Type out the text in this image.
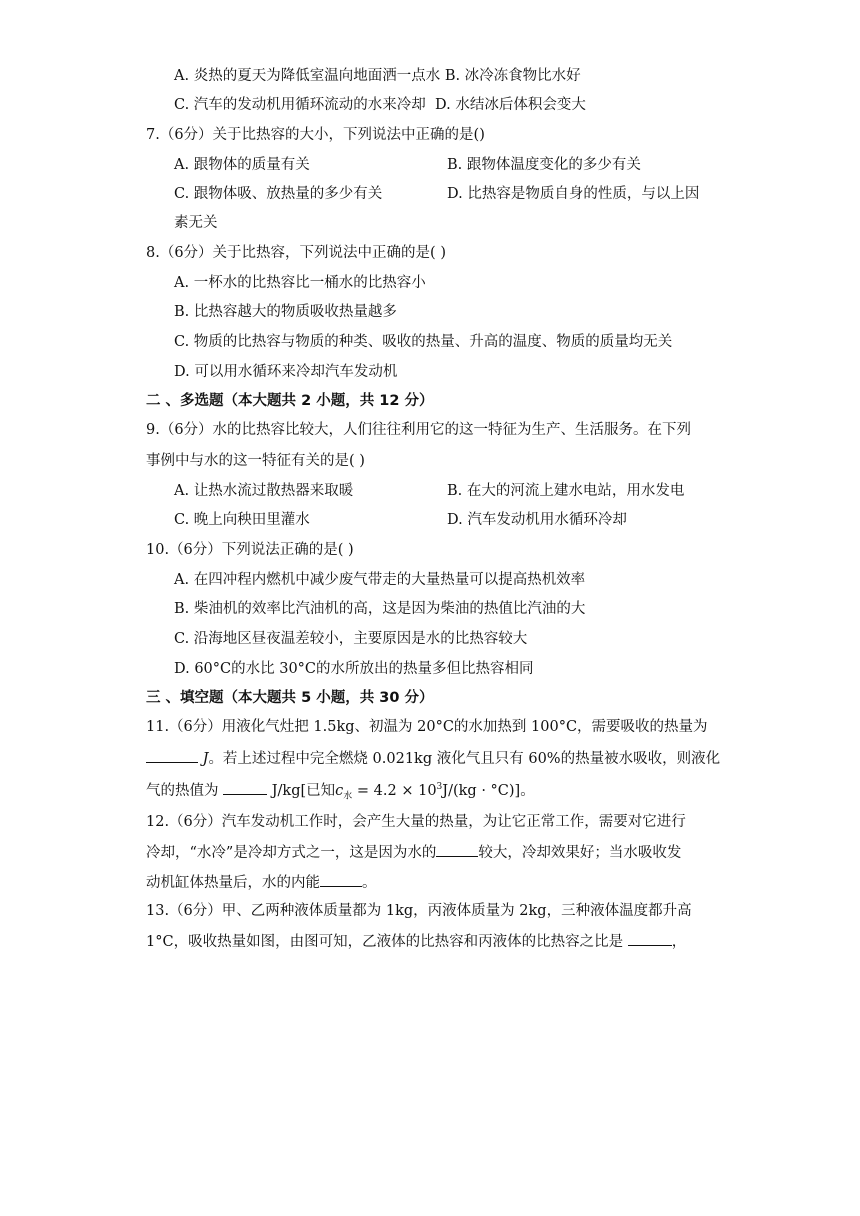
A. 炎热的夏天为降低室温向地面洒一点水 B. 冰冷冻食物比水好
C. 汽车的发动机用循环流动的水来冷却 D. 水结冰后体积会变大
7.（6分）关于比热容的大小，下列说法中正确的是()
A. 跟物体的质量有关	B. 跟物体温度变化的多少有关
C. 跟物体吸、放热量的多少有关	D. 比热容是物质自身的性质，与以上因
素无关
8.（6分）关于比热容，下列说法中正确的是( )
A. 一杯水的比热容比一桶水的比热容小
B. 比热容越大的物质吸收热量越多
C. 物质的比热容与物质的种类、吸收的热量、升高的温度、物质的质量均无关
D. 可以用水循环来冷却汽车发动机
二 、多选题（本大题共 2 小题，共 12 分）
9.（6分）水的比热容比较大，人们往往利用它的这一特征为生产、生活服务。在下列
事例中与水的这一特征有关的是( )
A. 让热水流过散热器来取暖	B. 在大的河流上建水电站，用水发电
C. 晚上向秧田里灌水	D. 汽车发动机用水循环冷却
10.（6分）下列说法正确的是( )
A. 在四冲程内燃机中减少废气带走的大量热量可以提高热机效率
B. 柴油机的效率比汽油机的高，这是因为柴油的热值比汽油的大
C. 沿海地区昼夜温差较小，主要原因是水的比热容较大
D. 60°C的水比 30°C的水所放出的热量多但比热容相同
三 、填空题（本大题共 5 小题，共 30 分）
11.（6分）用液化气灶把 1.5kg、初温为 20°C的水加热到 100°C，需要吸收的热量为
J。若上述过程中完全燃烧 0.021kg 液化气且只有 60%的热量被水吸收，则液化
气的热值为	J/kg[已知$c_水 = 4.2 \times 10^3J/(kg \cdot ^\circ C)$]。
12.（6分）汽车发动机工作时，会产生大量的热量，为让它正常工作，需要对它进行
冷却，“水冷”是冷却方式之一，这是因为水的	较大，冷却效果好；当水吸收发
动机缸体热量后，水的内能	。
13.（6分）甲、乙两种液体质量都为 1kg，丙液体质量为 2kg，三种液体温度都升高
1°C，吸收热量如图，由图可知，乙液体的比热容和丙液体的比热容之比是	，
